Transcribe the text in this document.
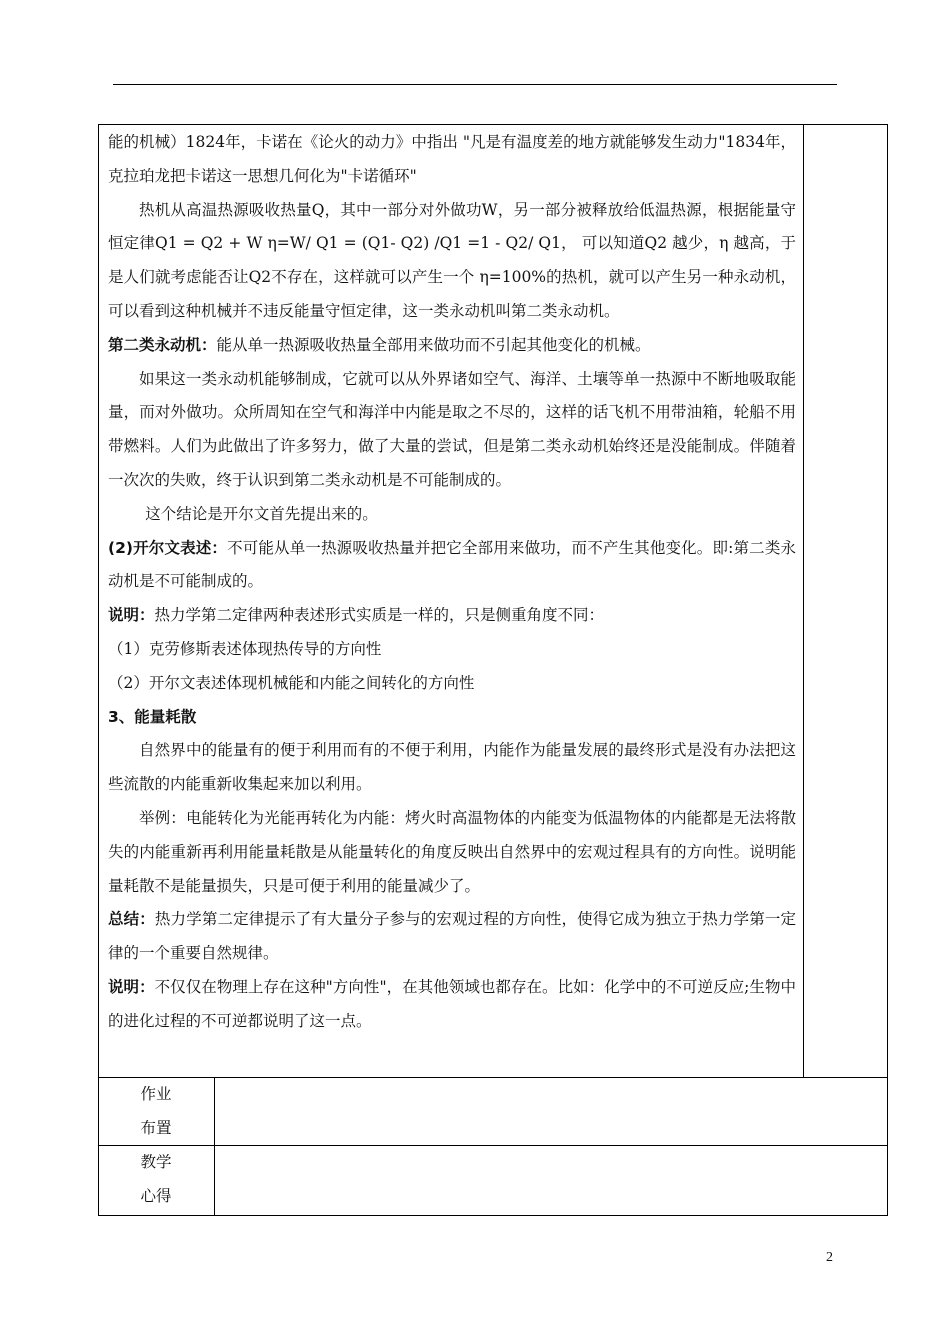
能的机械）1824年，卡诺在《论火的动力》中指出 "凡是有温度差的地方就能够发生动力"1834年，克拉珀龙把卡诺这一思想几何化为"卡诺循环"

热机从高温热源吸收热量Q，其中一部分对外做功W，另一部分被释放给低温热源，根据能量守恒定律Q1 = Q2 + W η=W/ Q1 = (Q1- Q2) /Q1 =1 - Q2/ Q1， 可以知道Q2 越少，η 越高，于是人们就考虑能否让Q2不存在，这样就可以产生一个 η=100%的热机，就可以产生另一种永动机，可以看到这种机械并不违反能量守恒定律，这一类永动机叫第二类永动机。

第二类永动机：能从单一热源吸收热量全部用来做功而不引起其他变化的机械。

如果这一类永动机能够制成，它就可以从外界诸如空气、海洋、土壤等单一热源中不断地吸取能量，而对外做功。众所周知在空气和海洋中内能是取之不尽的，这样的话飞机不用带油箱，轮船不用带燃料。人们为此做出了许多努力，做了大量的尝试，但是第二类永动机始终还是没能制成。伴随着一次次的失败，终于认识到第二类永动机是不可能制成的。

这个结论是开尔文首先提出来的。

(2)开尔文表述：不可能从单一热源吸收热量并把它全部用来做功，而不产生其他变化。即:第二类永动机是不可能制成的。

说明：热力学第二定律两种表述形式实质是一样的，只是侧重角度不同：

（1）克劳修斯表述体现热传导的方向性

（2）开尔文表述体现机械能和内能之间转化的方向性

3、能量耗散

自然界中的能量有的便于利用而有的不便于利用，内能作为能量发展的最终形式是没有办法把这些流散的内能重新收集起来加以利用。

举例：电能转化为光能再转化为内能：烤火时高温物体的内能变为低温物体的内能都是无法将散失的内能重新再利用能量耗散是从能量转化的角度反映出自然界中的宏观过程具有的方向性。说明能量耗散不是能量损失，只是可便于利用的能量减少了。

总结：热力学第二定律提示了有大量分子参与的宏观过程的方向性，使得它成为独立于热力学第一定律的一个重要自然规律。

说明：不仅仅在物理上存在这种"方向性"，在其他领域也都存在。比如：化学中的不可逆反应;生物中的进化过程的不可逆都说明了这一点。

作业
布置
教学
心得
2
